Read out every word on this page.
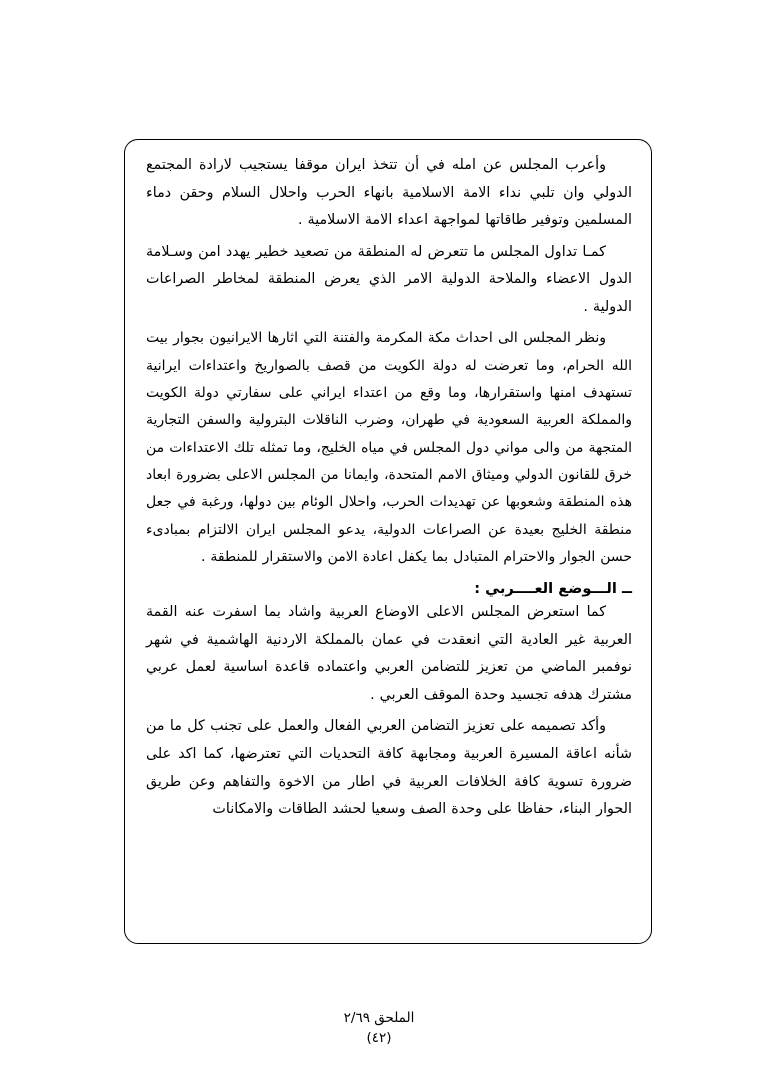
وأعرب المجلس عن امله في أن تتخذ ايران موقفا يستجيب لارادة المجتمع الدولي وان تلبي نداء الامة الاسلامية بانهاء الحرب واحلال السلام وحقن دماء المسلمين وتوفير طاقاتها لمواجهة اعداء الامة الاسلامية .

كمـا تداول المجلس ما تتعرض له المنطقة من تصعيد خطير يهدد امن وسـلامة الدول الاعضاء والملاحة الدولية الامر الذي يعرض المنطقة لمخاطر الصراعات الدولية .

ونظر المجلس الى احداث مكة المكرمة والفتنة التي اثارها الايرانيون بجوار بيت الله الحرام، وما تعرضت له دولة الكويت من قصف بالصواريخ واعتداءات ايرانية تستهدف امنها واستقرارها، وما وقع من اعتداء ايراني على سفارتي دولة الكويت والمملكة العربية السعودية في طهران، وضرب الناقلات البترولية والسفن التجارية المتجهة من والى مواني دول المجلس في مياه الخليج، وما تمثله تلك الاعتداءات من خرق للقانون الدولي وميثاق الامم المتحدة، وايمانا من المجلس الاعلى بضرورة ابعاد هذه المنطقة وشعوبها عن تهديدات الحرب، واحلال الوئام بين دولها، ورغبة في جعل منطقة الخليج بعيدة عن الصراعات الدولية، يدعو المجلس ايران الالتزام بمبادىء حسن الجوار والاحترام المتبادل بما يكفل اعادة الامن والاستقرار للمنطقة .

ــ الـــوضع العــــربي :

كما استعرض المجلس الاعلى الاوضاع العربية واشاد بما اسفرت عنه القمة العربية غير العادية التي انعقدت في عمان بالمملكة الاردنية الهاشمية في شهر نوفمبر الماضي من تعزيز للتضامن العربي واعتماده قاعدة اساسية لعمل عربي مشترك هدفه تجسيد وحدة الموقف العربي .

وأكد تصميمه على تعزيز التضامن العربي الفعال والعمل على تجنب كل ما من شأنه اعاقة المسيرة العربية ومجابهة كافة التحديات التي تعترضها، كما اكد على ضرورة تسوية كافة الخلافات العربية في اطار من الاخوة والتفاهم وعن طريق الحوار البناء، حفاظا على وحدة الصف وسعيا لحشد الطاقات والامكانات

الملحق ٢/٦٩
(٤٢)
